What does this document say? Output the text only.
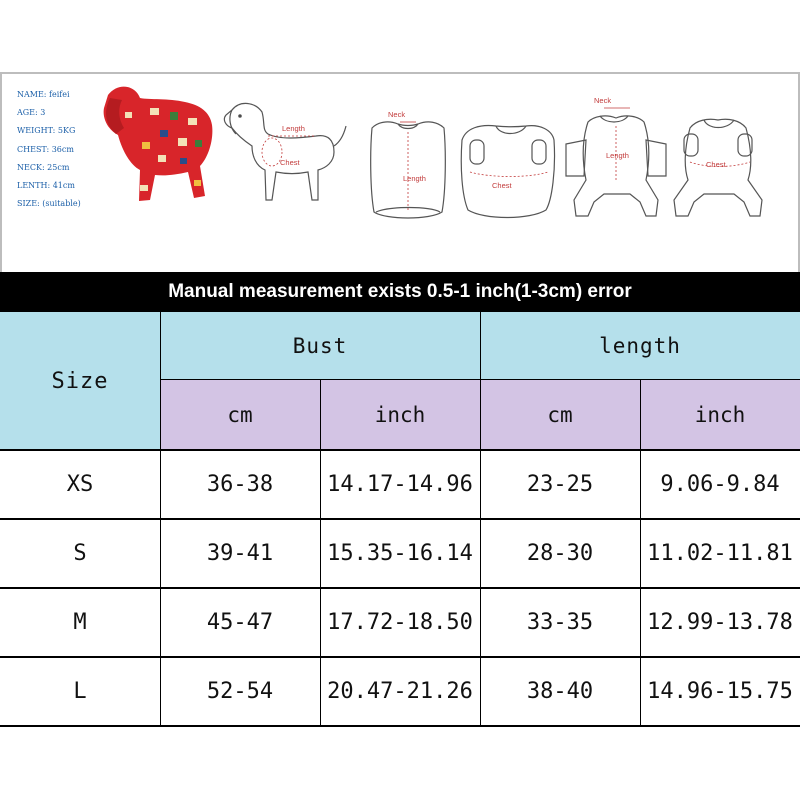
NAME: feifei
AGE: 3
WEIGHT: 5KG
CHEST: 36cm
NECK: 25cm
LENTH: 41cm
SIZE: (suitable)
Length
Chest
Neck
Length
Chest
Neck
Length
Chest
Manual measurement exists 0.5-1 inch(1-3cm) error
Size
Bust	length
cm	inch	cm	inch
XS	36-38	14.17-14.96	23-25	9.06-9.84
S	39-41	15.35-16.14	28-30	11.02-11.81
M	45-47	17.72-18.50	33-35	12.99-13.78
L	52-54	20.47-21.26	38-40	14.96-15.75
